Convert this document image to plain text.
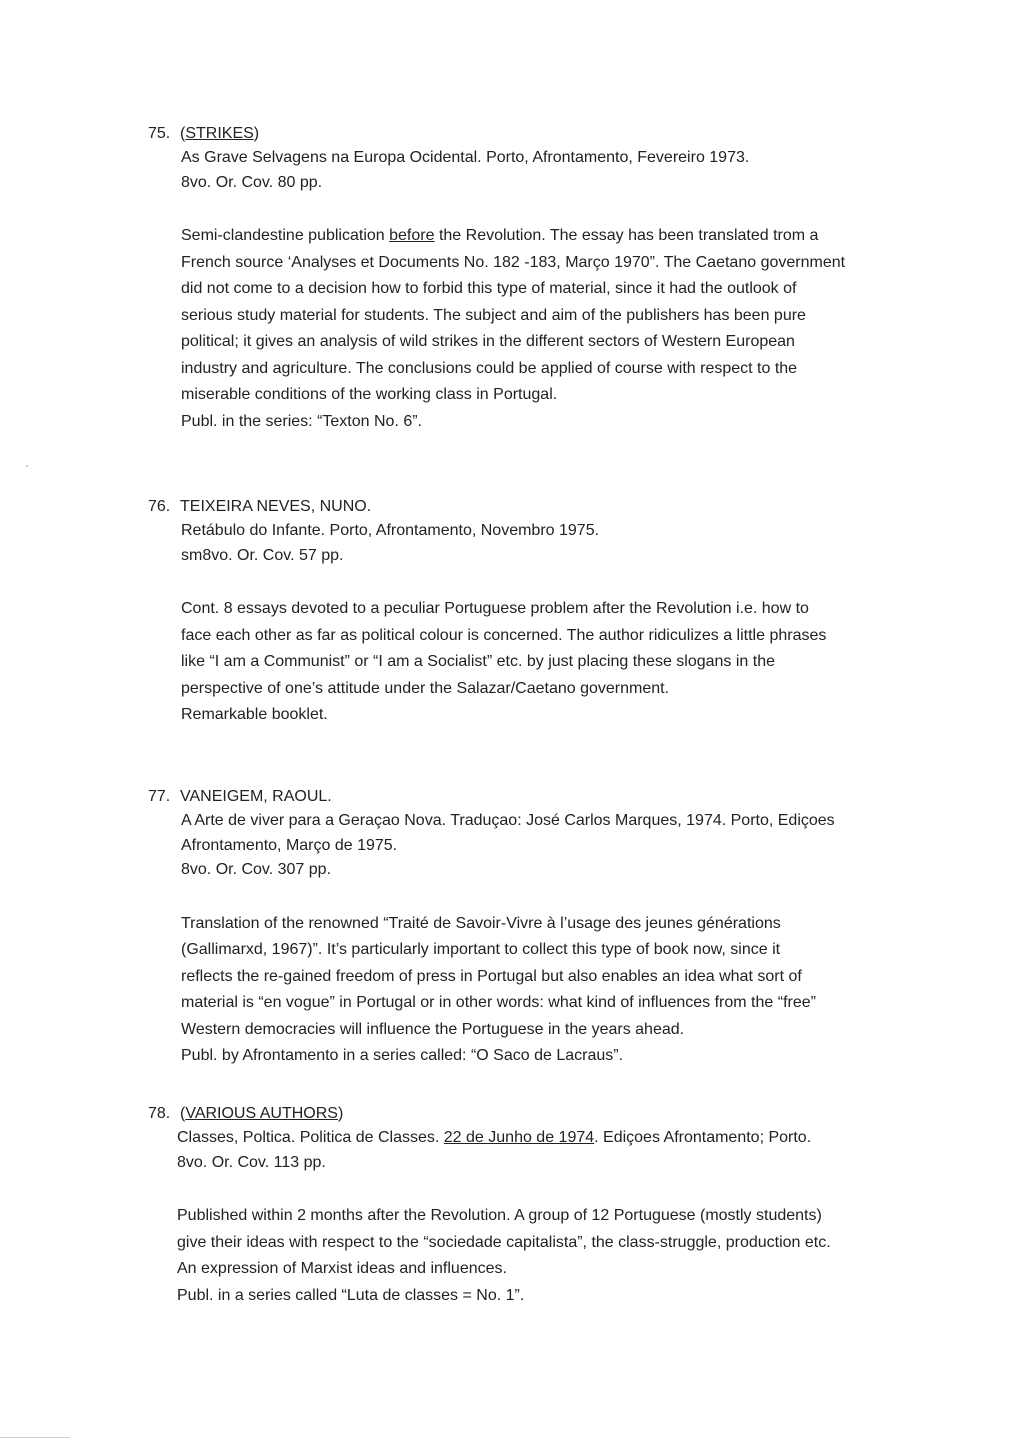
75. (STRIKES)
As Grave Selvagens na Europa Ocidental. Porto, Afrontamento, Fevereiro 1973.
8vo. Or. Cov. 80 pp.
Semi-clandestine publication before the Revolution. The essay has been translated trom a
French source ‘Analyses et Documents No. 182 -183, Março 1970”. The Caetano government
did not come to a decision how to forbid this type of material, since it had the outlook of
serious study material for students. The subject and aim of the publishers has been pure
political; it gives an analysis of wild strikes in the different sectors of Western European
industry and agriculture. The conclusions could be applied of course with respect to the
miserable conditions of the working class in Portugal.
Publ. in the series: “Texton No. 6”.
76. TEIXEIRA NEVES, NUNO.
Retábulo do Infante. Porto, Afrontamento, Novembro 1975.
sm8vo. Or. Cov. 57 pp.
Cont. 8 essays devoted to a peculiar Portuguese problem after the Revolution i.e. how to
face each other as far as political colour is concerned. The author ridiculizes a little phrases
like “I am a Communist” or “I am a Socialist” etc. by just placing these slogans in the
perspective of one’s attitude under the Salazar/Caetano government.
Remarkable booklet.
77. VANEIGEM, RAOUL.
A Arte de viver para a Geraçao Nova. Traduçao: José Carlos Marques, 1974. Porto, Ediçoes
Afrontamento, Março de 1975.
8vo. Or. Cov. 307 pp.
Translation of the renowned “Traité de Savoir-Vivre à l’usage des jeunes générations
(Gallimarxd, 1967)”. It’s particularly important to collect this type of book now, since it
reflects the re-gained freedom of press in Portugal but also enables an idea what sort of
material is “en vogue” in Portugal or in other words: what kind of influences from the “free”
Western democracies will influence the Portuguese in the years ahead.
Publ. by Afrontamento in a series called: “O Saco de Lacraus”.
78. (VARIOUS AUTHORS)
Classes, Poltica. Politica de Classes. 22 de Junho de 1974. Ediçoes Afrontamento; Porto.
8vo. Or. Cov. 113 pp.
Published within 2 months after the Revolution. A group of 12 Portuguese (mostly students)
give their ideas with respect to the “sociedade capitalista”, the class-struggle, production etc.
An expression of Marxist ideas and influences.
Publ. in a series called “Luta de classes = No. 1”.
